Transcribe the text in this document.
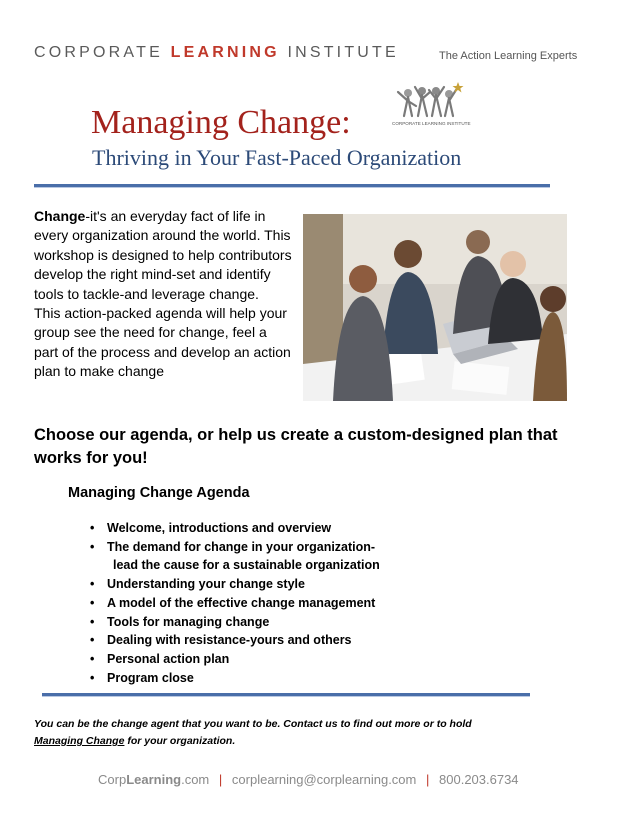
CORPORATE LEARNING INSTITUTE	The Action Learning Experts
Managing Change:
Thriving in Your Fast-Paced Organization
CORPORATE LEARNING INSTITUTE

Change-it's an everyday fact of life in every organization around the world. This workshop is designed to help contributors develop the right mind-set and identify tools to tackle-and leverage change.

This action-packed agenda will help your group see the need for change, feel a part of the process and develop an action plan to make change

Choose our agenda, or help us create a custom-designed plan that works for you!
Managing Change Agenda
• Welcome, introductions and overview
• The demand for change in your organization-
lead the cause for a sustainable organization
• Understanding your change style
• A model of the effective change management
• Tools for managing change
• Dealing with resistance-yours and others
• Personal action plan
• Program close
You can be the change agent that you want to be. Contact us to find out more or to hold
Managing Change for your organization.
CorpLearning.com | corplearning@corplearning.com | 800.203.6734
